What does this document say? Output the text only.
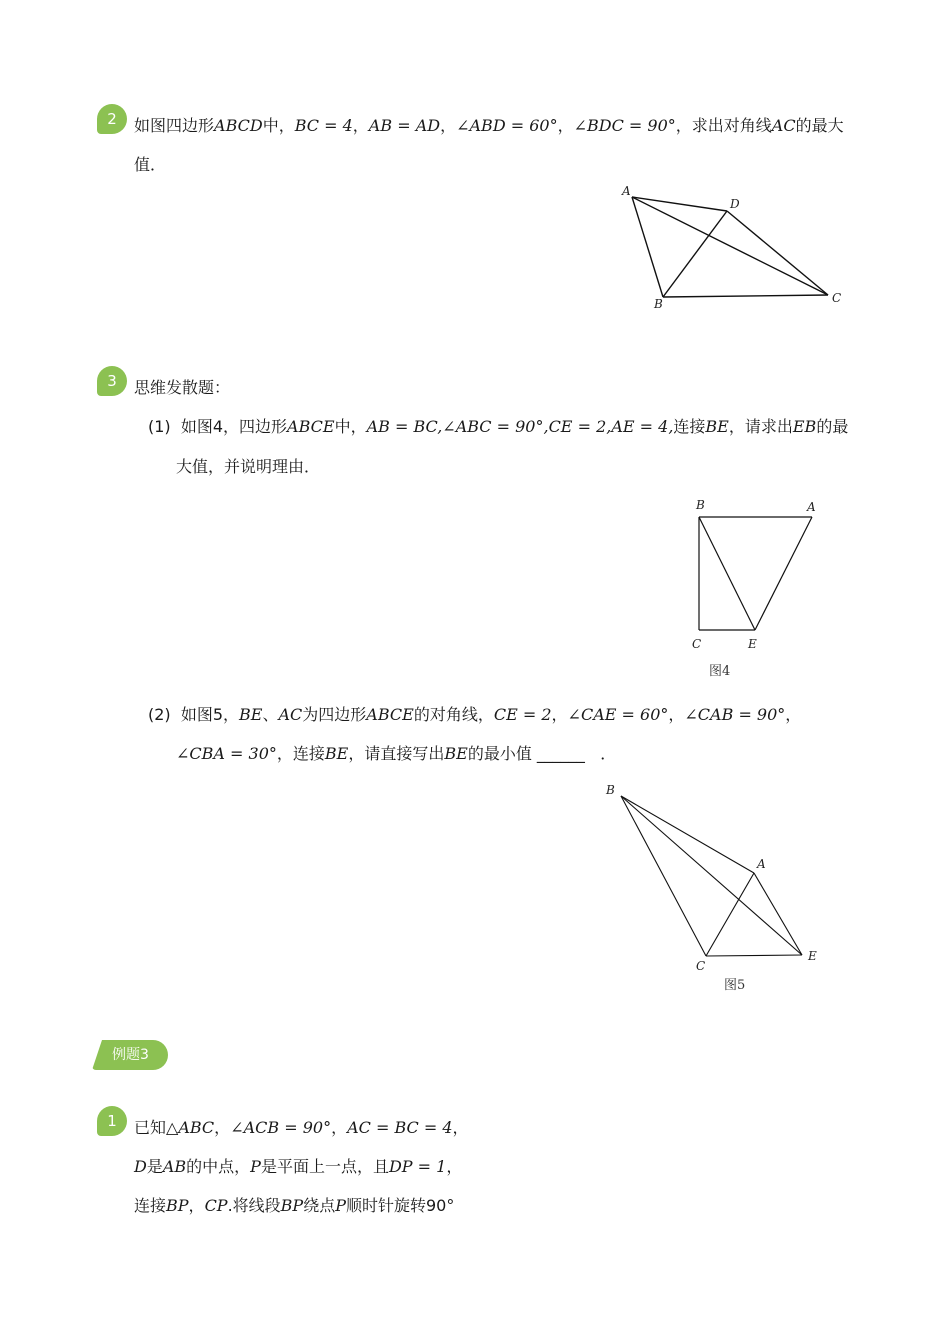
2	如图四边形ABCD中，BC = 4，AB = AD，∠ABD = 60°，∠BDC = 90°，求出对角线AC的最大
值．
A
D
B	C
3	思维发散题：
(1) 如图4，四边形ABCE中，AB = BC,∠ABC = 90°,CE = 2,AE = 4,连接BE，请求出EB的最
大值，并说明理由．
B	A
C	E
图4
(2) 如图5，BE、AC为四边形ABCE的对角线，CE = 2，∠CAE = 60°，∠CAB = 90°，
∠CBA = 30°，连接BE，请直接写出BE的最小值 ______ ．
B
A
C
E
图5
例题3
1	已知△ABC，∠ACB = 90°，AC = BC = 4，
D是AB的中点，P是平面上一点，且DP = 1，
连接BP，CP.将线段BP绕点P顺时针旋转90°
